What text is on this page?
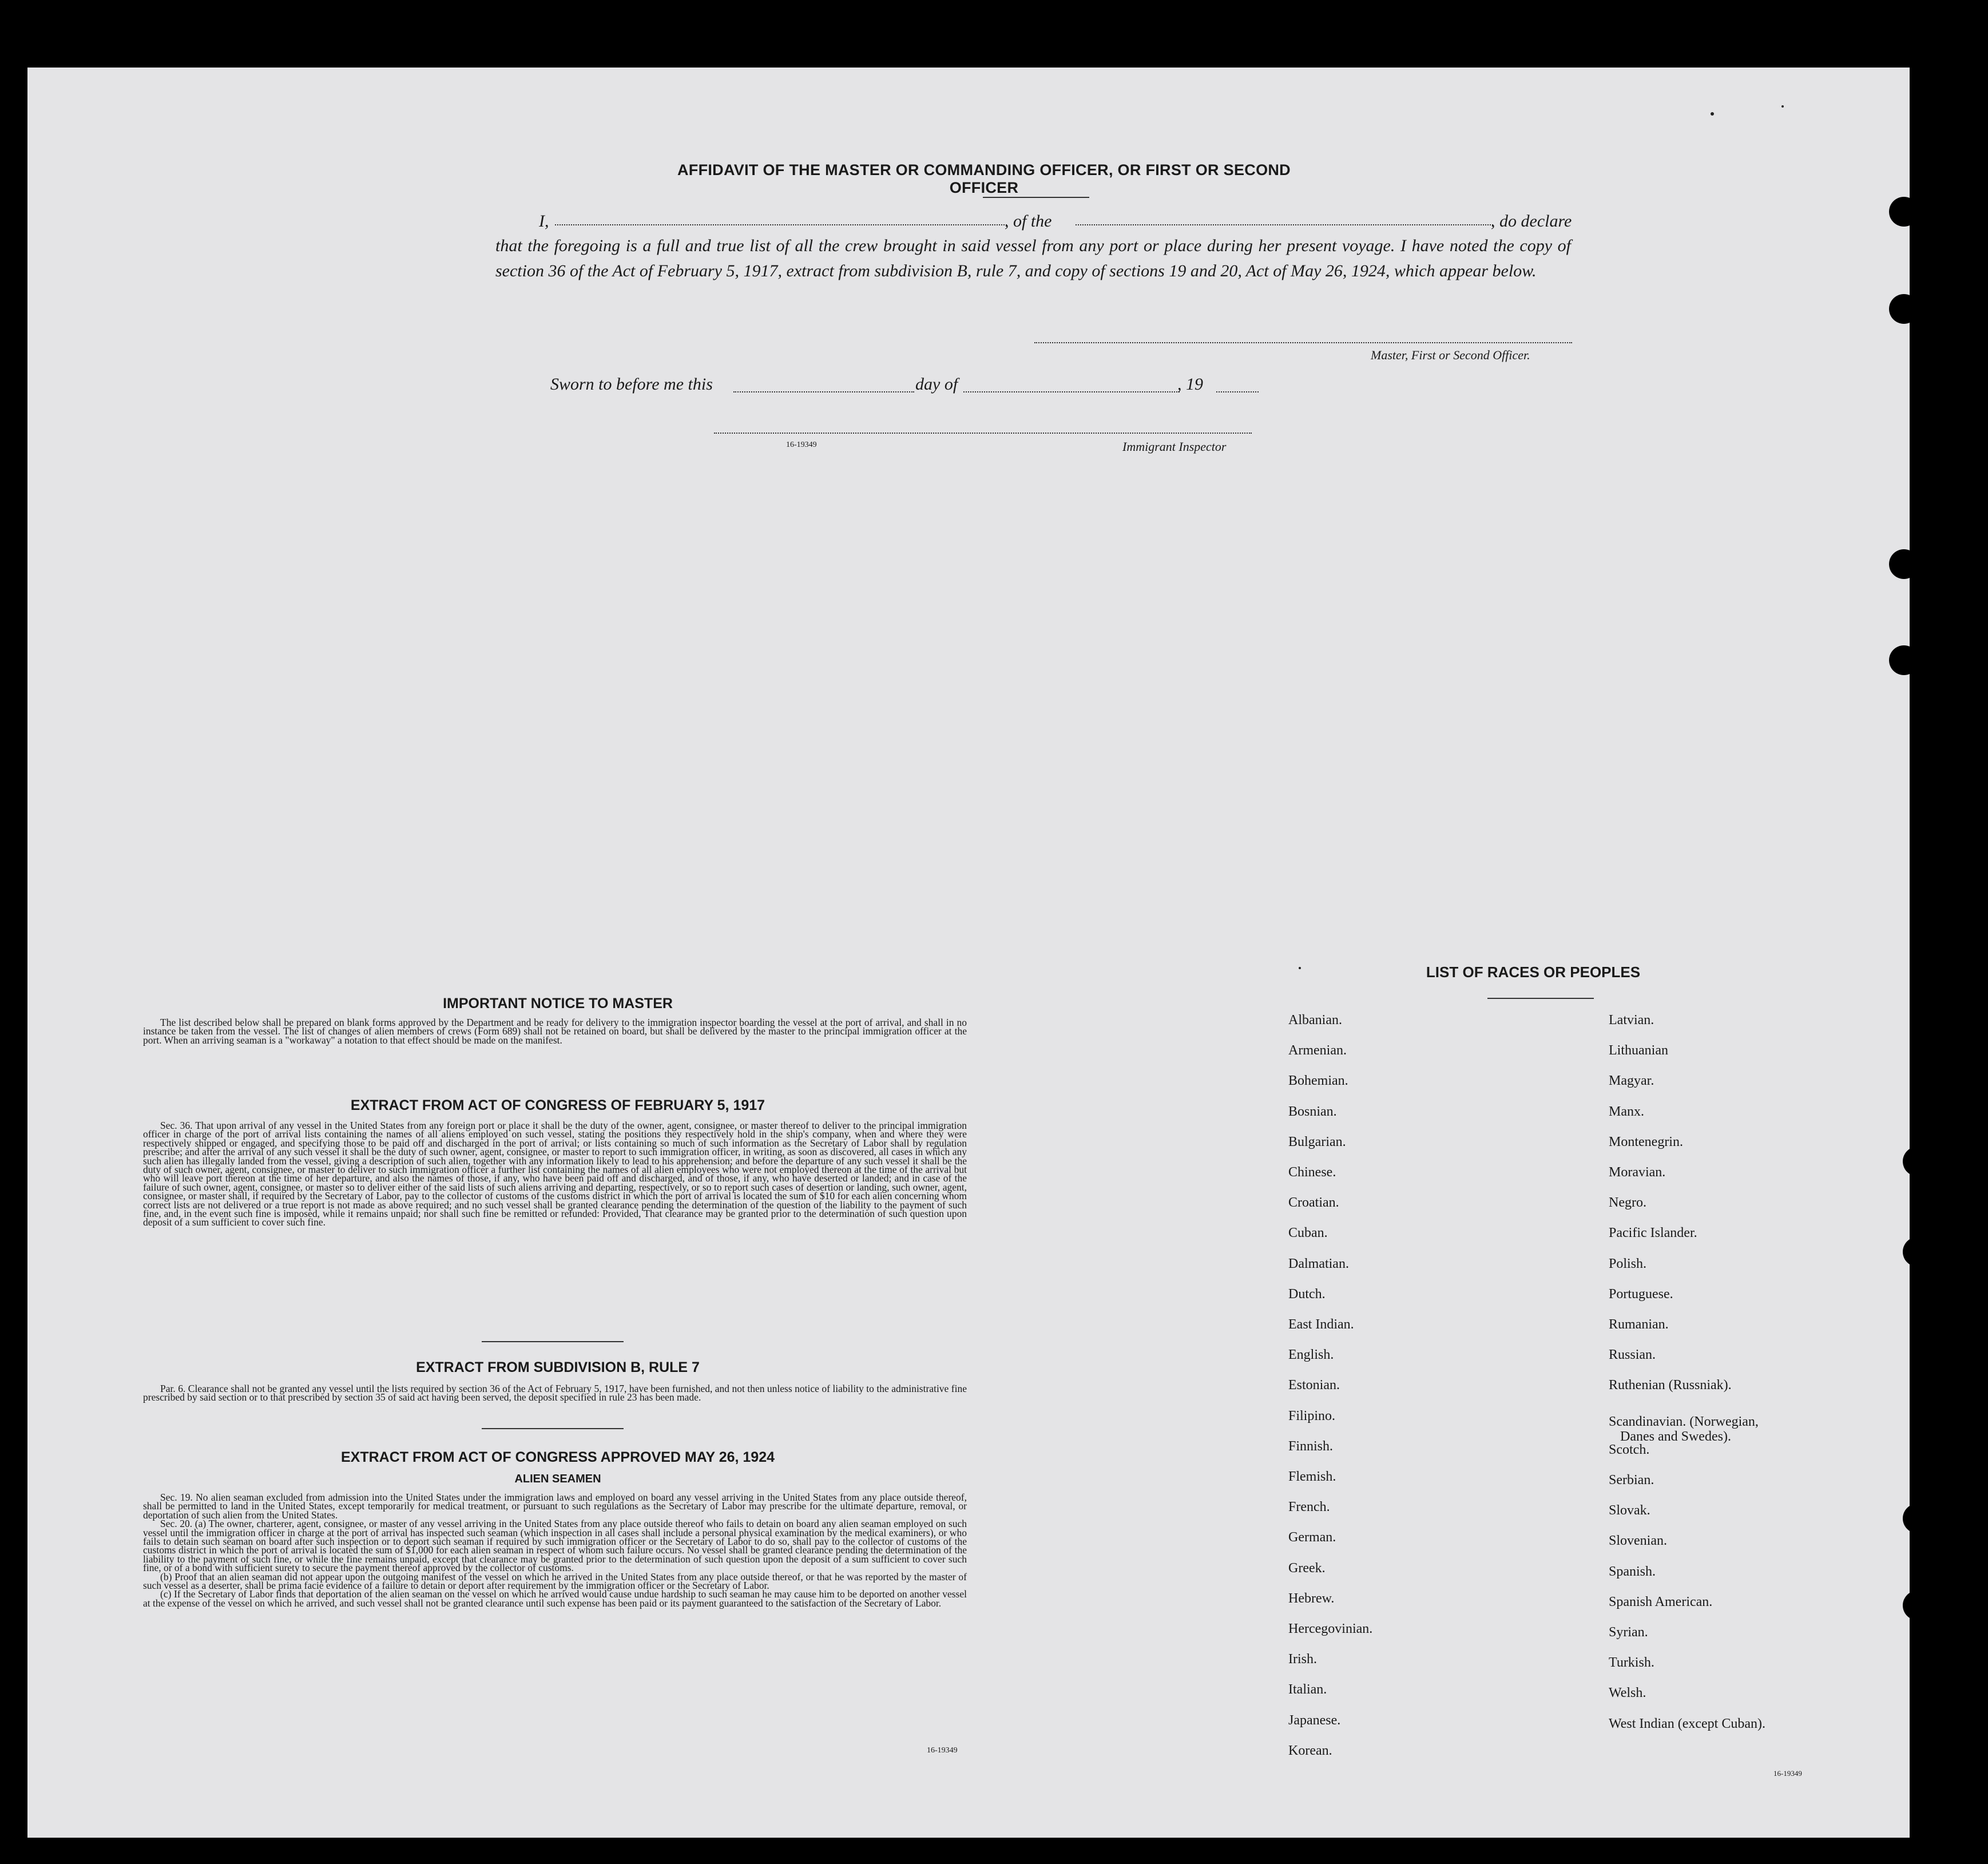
AFFIDAVIT OF THE MASTER OR COMMANDING OFFICER, OR FIRST OR SECOND OFFICER
I,	, of the	, do declare
that the foregoing is a full and true list of all the crew brought in said vessel from any port or place during her present voyage. I have noted the copy of section 36 of the Act of February 5, 1917, extract from subdivision B, rule 7, and copy of sections 19 and 20, Act of May 26, 1924, which appear below.
Master, First or Second Officer.
Sworn to before me this	day of	, 19
16-19349	Immigrant Inspector
IMPORTANT NOTICE TO MASTER

The list described below shall be prepared on blank forms approved by the Department and be ready for delivery to the immigration inspector boarding the vessel at the port of arrival, and shall in no instance be taken from the vessel. The list of changes of alien members of crews (Form 689) shall not be retained on board, but shall be delivered by the master to the principal immigration officer at the port. When an arriving seaman is a "workaway" a notation to that effect should be made on the manifest.

EXTRACT FROM ACT OF CONGRESS OF FEBRUARY 5, 1917

Sec. 36. That upon arrival of any vessel in the United States from any foreign port or place it shall be the duty of the owner, agent, consignee, or master thereof to deliver to the principal immigration officer in charge of the port of arrival lists containing the names of all aliens employed on such vessel, stating the positions they respectively hold in the ship's company, when and where they were respectively shipped or engaged, and specifying those to be paid off and discharged in the port of arrival; or lists containing so much of such information as the Secretary of Labor shall by regulation prescribe; and after the arrival of any such vessel it shall be the duty of such owner, agent, consignee, or master to report to such immigration officer, in writing, as soon as discovered, all cases in which any such alien has illegally landed from the vessel, giving a description of such alien, together with any information likely to lead to his apprehension; and before the departure of any such vessel it shall be the duty of such owner, agent, consignee, or master to deliver to such immigration officer a further list containing the names of all alien employees who were not employed thereon at the time of the arrival but who will leave port thereon at the time of her departure, and also the names of those, if any, who have been paid off and discharged, and of those, if any, who have deserted or landed; and in case of the failure of such owner, agent, consignee, or master so to deliver either of the said lists of such aliens arriving and departing, respectively, or so to report such cases of desertion or landing, such owner, agent, consignee, or master shall, if required by the Secretary of Labor, pay to the collector of customs of the customs district in which the port of arrival is located the sum of $10 for each alien concerning whom correct lists are not delivered or a true report is not made as above required; and no such vessel shall be granted clearance pending the determination of the question of the liability to the payment of such fine, and, in the event such fine is imposed, while it remains unpaid; nor shall such fine be remitted or refunded: Provided, That clearance may be granted prior to the determination of such question upon deposit of a sum sufficient to cover such fine.

EXTRACT FROM SUBDIVISION B, RULE 7

Par. 6. Clearance shall not be granted any vessel until the lists required by section 36 of the Act of February 5, 1917, have been furnished, and not then unless notice of liability to the administrative fine prescribed by said section or to that prescribed by section 35 of said act having been served, the deposit specified in rule 23 has been made.

EXTRACT FROM ACT OF CONGRESS APPROVED MAY 26, 1924
ALIEN SEAMEN

Sec. 19. No alien seaman excluded from admission into the United States under the immigration laws and employed on board any vessel arriving in the United States from any place outside thereof, shall be permitted to land in the United States, except temporarily for medical treatment, or pursuant to such regulations as the Secretary of Labor may prescribe for the ultimate departure, removal, or deportation of such alien from the United States.

Sec. 20. (a) The owner, charterer, agent, consignee, or master of any vessel arriving in the United States from any place outside thereof who fails to detain on board any alien seaman employed on such vessel until the immigration officer in charge at the port of arrival has inspected such seaman (which inspection in all cases shall include a personal physical examination by the medical examiners), or who fails to detain such seaman on board after such inspection or to deport such seaman if required by such immigration officer or the Secretary of Labor to do so, shall pay to the collector of customs of the customs district in which the port of arrival is located the sum of $1,000 for each alien seaman in respect of whom such failure occurs. No vessel shall be granted clearance pending the determination of the liability to the payment of such fine, or while the fine remains unpaid, except that clearance may be granted prior to the determination of such question upon the deposit of a sum sufficient to cover such fine, or of a bond with sufficient surety to secure the payment thereof approved by the collector of customs.

(b) Proof that an alien seaman did not appear upon the outgoing manifest of the vessel on which he arrived in the United States from any place outside thereof, or that he was reported by the master of such vessel as a deserter, shall be prima facie evidence of a failure to detain or deport after requirement by the immigration officer or the Secretary of Labor.

(c) If the Secretary of Labor finds that deportation of the alien seaman on the vessel on which he arrived would cause undue hardship to such seaman he may cause him to be deported on another vessel at the expense of the vessel on which he arrived, and such vessel shall not be granted clearance until such expense has been paid or its payment guaranteed to the satisfaction of the Secretary of Labor.

16-19349
LIST OF RACES OR PEOPLES
Albanian.
Armenian.
Bohemian.
Bosnian.
Bulgarian.
Chinese.
Croatian.
Cuban.
Dalmatian.
Dutch.
East Indian.
English.
Estonian.
Filipino.
Finnish.
Flemish.
French.
German.
Greek.
Hebrew.
Hercegovinian.
Irish.
Italian.
Japanese.
Korean.
Latvian.
Lithuanian
Magyar.
Manx.
Montenegrin.
Moravian.
Negro.
Pacific Islander.
Polish.
Portuguese.
Rumanian.
Russian.
Ruthenian (Russniak).
Scandinavian. (Norwegian,
Danes and Swedes).
Scotch.
Serbian.
Slovak.
Slovenian.
Spanish.
Spanish American.
Syrian.
Turkish.
Welsh.
West Indian (except Cuban).
16-19349
